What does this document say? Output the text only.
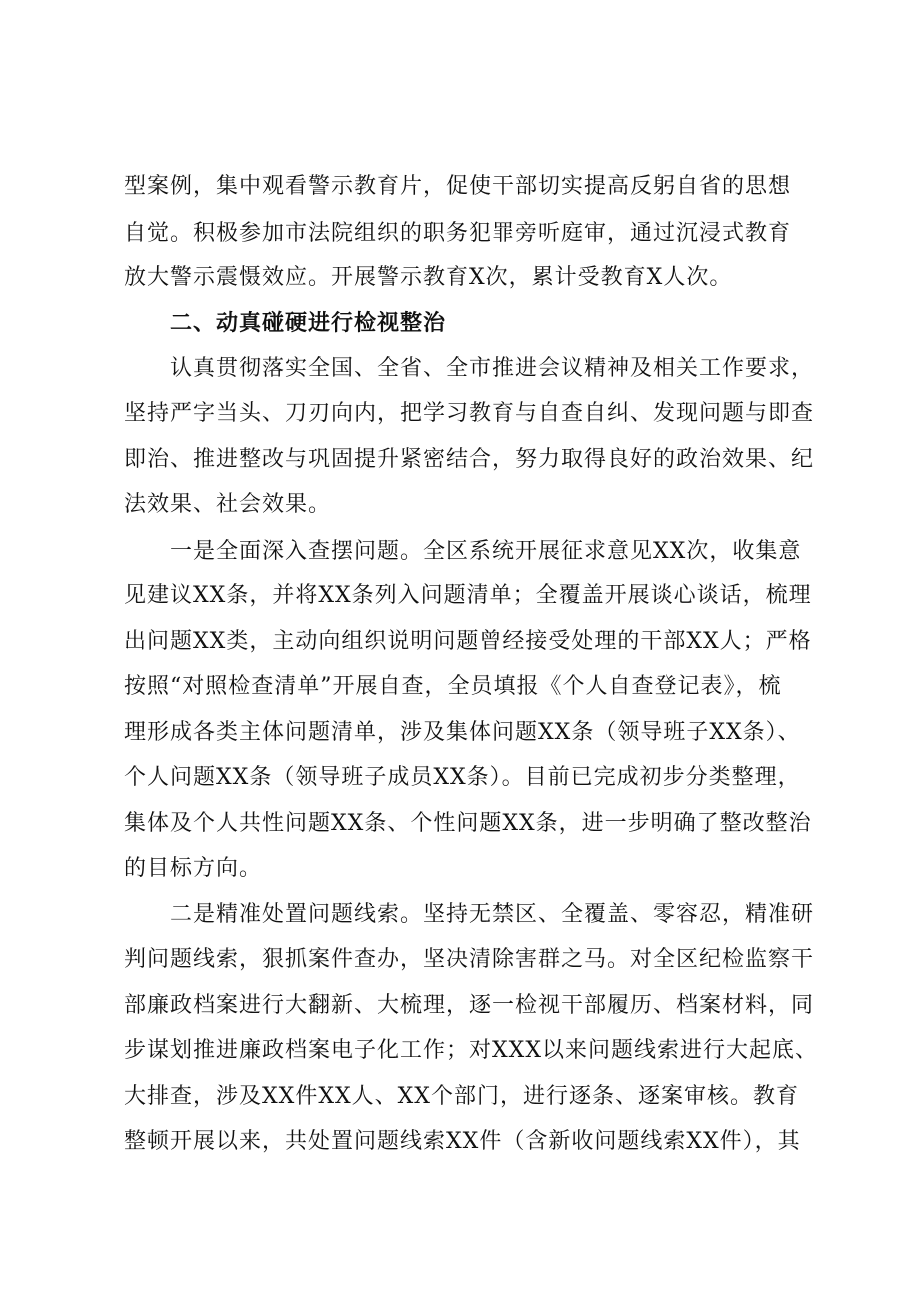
型案例，集中观看警示教育片，促使干部切实提高反躬自省的思想
自觉。积极参加市法院组织的职务犯罪旁听庭审，通过沉浸式教育
放大警示震慑效应。开展警示教育X次，累计受教育X人次。
二、动真碰硬进行检视整治
认真贯彻落实全国、全省、全市推进会议精神及相关工作要求，
坚持严字当头、刀刃向内，把学习教育与自查自纠、发现问题与即查
即治、推进整改与巩固提升紧密结合，努力取得良好的政治效果、纪
法效果、社会效果。
一是全面深入查摆问题。全区系统开展征求意见XX次，收集意
见建议XX条，并将XX条列入问题清单；全覆盖开展谈心谈话，梳理
出问题XX类，主动向组织说明问题曾经接受处理的干部XX人；严格
按照“对照检查清单”开展自查，全员填报《个人自查登记表》，梳
理形成各类主体问题清单，涉及集体问题XX条（领导班子XX条）、
个人问题XX条（领导班子成员XX条）。目前已完成初步分类整理，
集体及个人共性问题XX条、个性问题XX条，进一步明确了整改整治
的目标方向。
二是精准处置问题线索。坚持无禁区、全覆盖、零容忍，精准研
判问题线索，狠抓案件查办，坚决清除害群之马。对全区纪检监察干
部廉政档案进行大翻新、大梳理，逐一检视干部履历、档案材料，同
步谋划推进廉政档案电子化工作；对XXX以来问题线索进行大起底、
大排查，涉及XX件XX人、XX个部门，进行逐条、逐案审核。教育
整顿开展以来，共处置问题线索XX件（含新收问题线索XX件），其
